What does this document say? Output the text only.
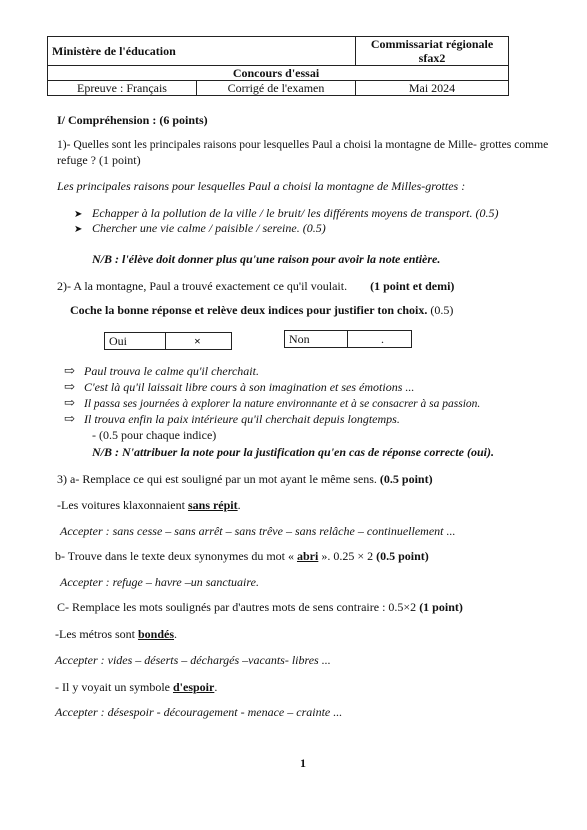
Ministère de l'éducation		Commissariat régionale sfax2
	Concours d'essai	
Epreuve : Français	Corrigé de l'examen	Mai 2024
I/ Compréhension : (6 points)
1)- Quelles sont les principales raisons pour lesquelles Paul a choisi la montagne de Mille- grottes comme
refuge ? (1 point)
Les principales raisons pour lesquelles Paul a choisi la montagne de Milles-grottes :
➤ Echapper à la pollution de la ville / le bruit/ les différents moyens de transport. (0.5)
➤ Chercher une vie calme / paisible / sereine. (0.5)
N/B : l'élève doit donner plus qu'une raison pour avoir la note entière.
2)- A la montagne, Paul a trouvé exactement ce qu'il voulait. (1 point et demi)
Coche la bonne réponse et relève deux indices pour justifier ton choix. (0.5)
Oui	×	Non	.
⇨ Paul trouva le calme qu'il cherchait.
⇨ C'est là qu'il laissait libre cours à son imagination et ses émotions ...
⇨ Il passa ses journées à explorer la nature environnante et à se consacrer à sa passion.
⇨ Il trouva enfin la paix intérieure qu'il cherchait depuis longtemps.
- (0.5 pour chaque indice)
N/B : N'attribuer la note pour la justification qu'en cas de réponse correcte (oui).
3) a- Remplace ce qui est souligné par un mot ayant le même sens. (0.5 point)
-Les voitures klaxonnaient sans répit.
Accepter : sans cesse – sans arrêt – sans trêve – sans relâche – continuellement ...
b- Trouve dans le texte deux synonymes du mot « abri ». 0.25 × 2 (0.5 point)
Accepter : refuge – havre –un sanctuaire.
C- Remplace les mots soulignés par d'autres mots de sens contraire : 0.5×2 (1 point)
-Les métros sont bondés.
Accepter : vides – déserts – déchargés –vacants- libres ...
- Il y voyait un symbole d'espoir.
Accepter : désespoir - découragement - menace – crainte ...
1
